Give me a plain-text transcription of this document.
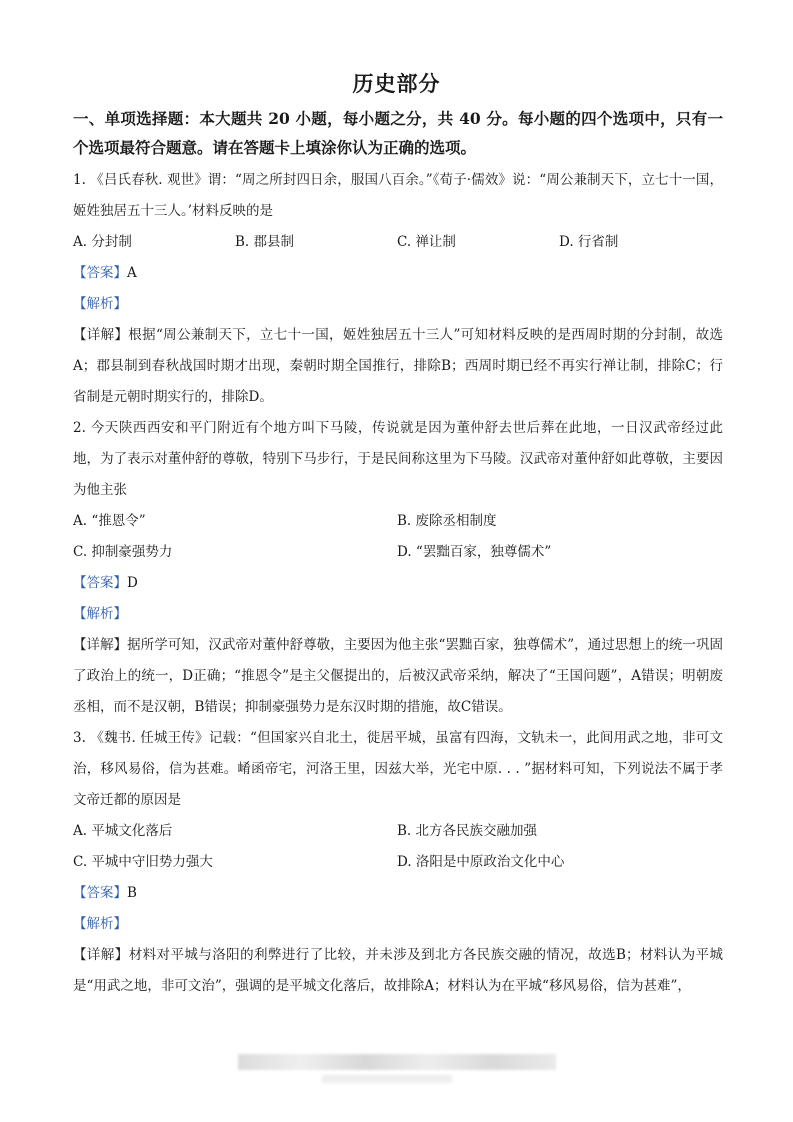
历史部分
一、单项选择题：本大题共 20 小题，每小题之分，共 40 分。每小题的四个选项中，只有一个选项最符合题意。请在答题卡上填涂你认为正确的选项。
1. 《吕氏春秋. 观世》谓：“周之所封四日余，服国八百余。”《荀子·儒效》说：“周公兼制天下，立七十一国，姬姓独居五十三人。’材料反映的是
A. 分封制	B. 郡县制	C. 禅让制	D. 行省制
【答案】A
【解析】
【详解】根据“周公兼制天下，立七十一国，姬姓独居五十三人”可知材料反映的是西周时期的分封制，故选A；郡县制到春秋战国时期才出现，秦朝时期全国推行，排除B；西周时期已经不再实行禅让制，排除C；行省制是元朝时期实行的，排除D。
2. 今天陕西西安和平门附近有个地方叫下马陵，传说就是因为董仲舒去世后葬在此地，一日汉武帝经过此地，为了表示对董仲舒的尊敬，特别下马步行，于是民间称这里为下马陵。汉武帝对董仲舒如此尊敬，主要因为他主张
A. “推恩令”	B. 废除丞相制度
C. 抑制豪强势力	D. “罢黜百家，独尊儒术”
【答案】D
【解析】
【详解】据所学可知，汉武帝对董仲舒尊敬，主要因为他主张“罢黜百家，独尊儒术”，通过思想上的统一巩固了政治上的统一，D正确；“推恩令”是主父偃提出的，后被汉武帝采纳，解决了“王国问题”，A错误；明朝废丞相，而不是汉朝，B错误；抑制豪强势力是东汉时期的措施，故C错误。
3. 《魏书. 任城王传》记载：“但国家兴自北土，徙居平城，虽富有四海，文轨未一，此间用武之地，非可文治，移风易俗，信为甚难。崤函帝宅，河洛王里，因兹大举，光宅中原. . . ”据材料可知，下列说法不属于孝文帝迁都的原因是
A. 平城文化落后	B. 北方各民族交融加强
C. 平城中守旧势力强大	D. 洛阳是中原政治文化中心
【答案】B
【解析】
【详解】材料对平城与洛阳的利弊进行了比较，并未涉及到北方各民族交融的情况，故选B；材料认为平城是“用武之地，非可文治”，强调的是平城文化落后，故排除A；材料认为在平城“移风易俗，信为甚难”，
